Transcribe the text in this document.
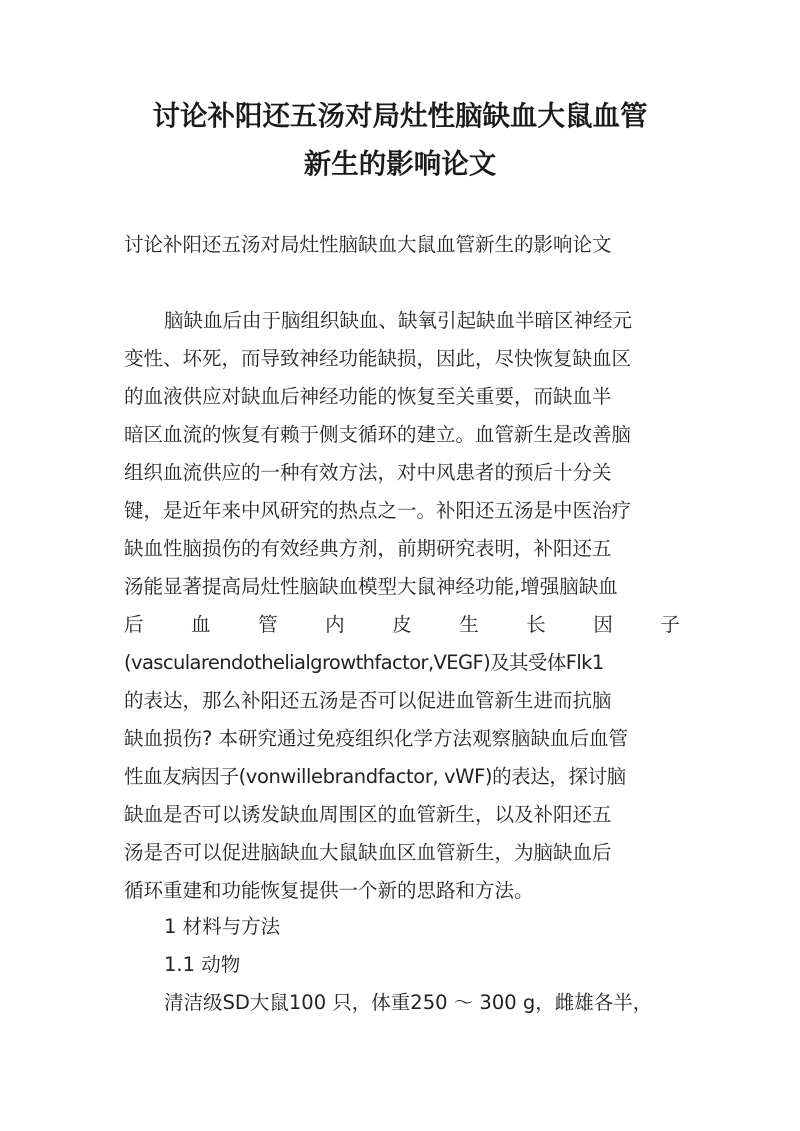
讨论补阳还五汤对局灶性脑缺血大鼠血管
新生的影响论文

讨论补阳还五汤对局灶性脑缺血大鼠血管新生的影响论文

脑缺血后由于脑组织缺血、缺氧引起缺血半暗区神经元

变性、坏死，而导致神经功能缺损，因此，尽快恢复缺血区

的血液供应对缺血后神经功能的恢复至关重要，而缺血半

暗区血流的恢复有赖于侧支循环的建立。血管新生是改善脑

组织血流供应的一种有效方法，对中风患者的预后十分关

键，是近年来中风研究的热点之一。补阳还五汤是中医治疗

缺血性脑损伤的有效经典方剂，前期研究表明，补阳还五

汤能显著提高局灶性脑缺血模型大鼠神经功能,增强脑缺血

后 血 管 内 皮 生 长 因 子

(vascularendothelialgrowthfactor,VEGF)及其受体Flk1

的表达，那么补阳还五汤是否可以促进血管新生进而抗脑

缺血损伤? 本研究通过免疫组织化学方法观察脑缺血后血管

性血友病因子(vonwillebrandfactor, vWF)的表达，探讨脑

缺血是否可以诱发缺血周围区的血管新生，以及补阳还五

汤是否可以促进脑缺血大鼠缺血区血管新生，为脑缺血后

循环重建和功能恢复提供一个新的思路和方法。

1 材料与方法

1.1 动物

清洁级SD大鼠100 只，体重250 ～ 300 g，雌雄各半，
